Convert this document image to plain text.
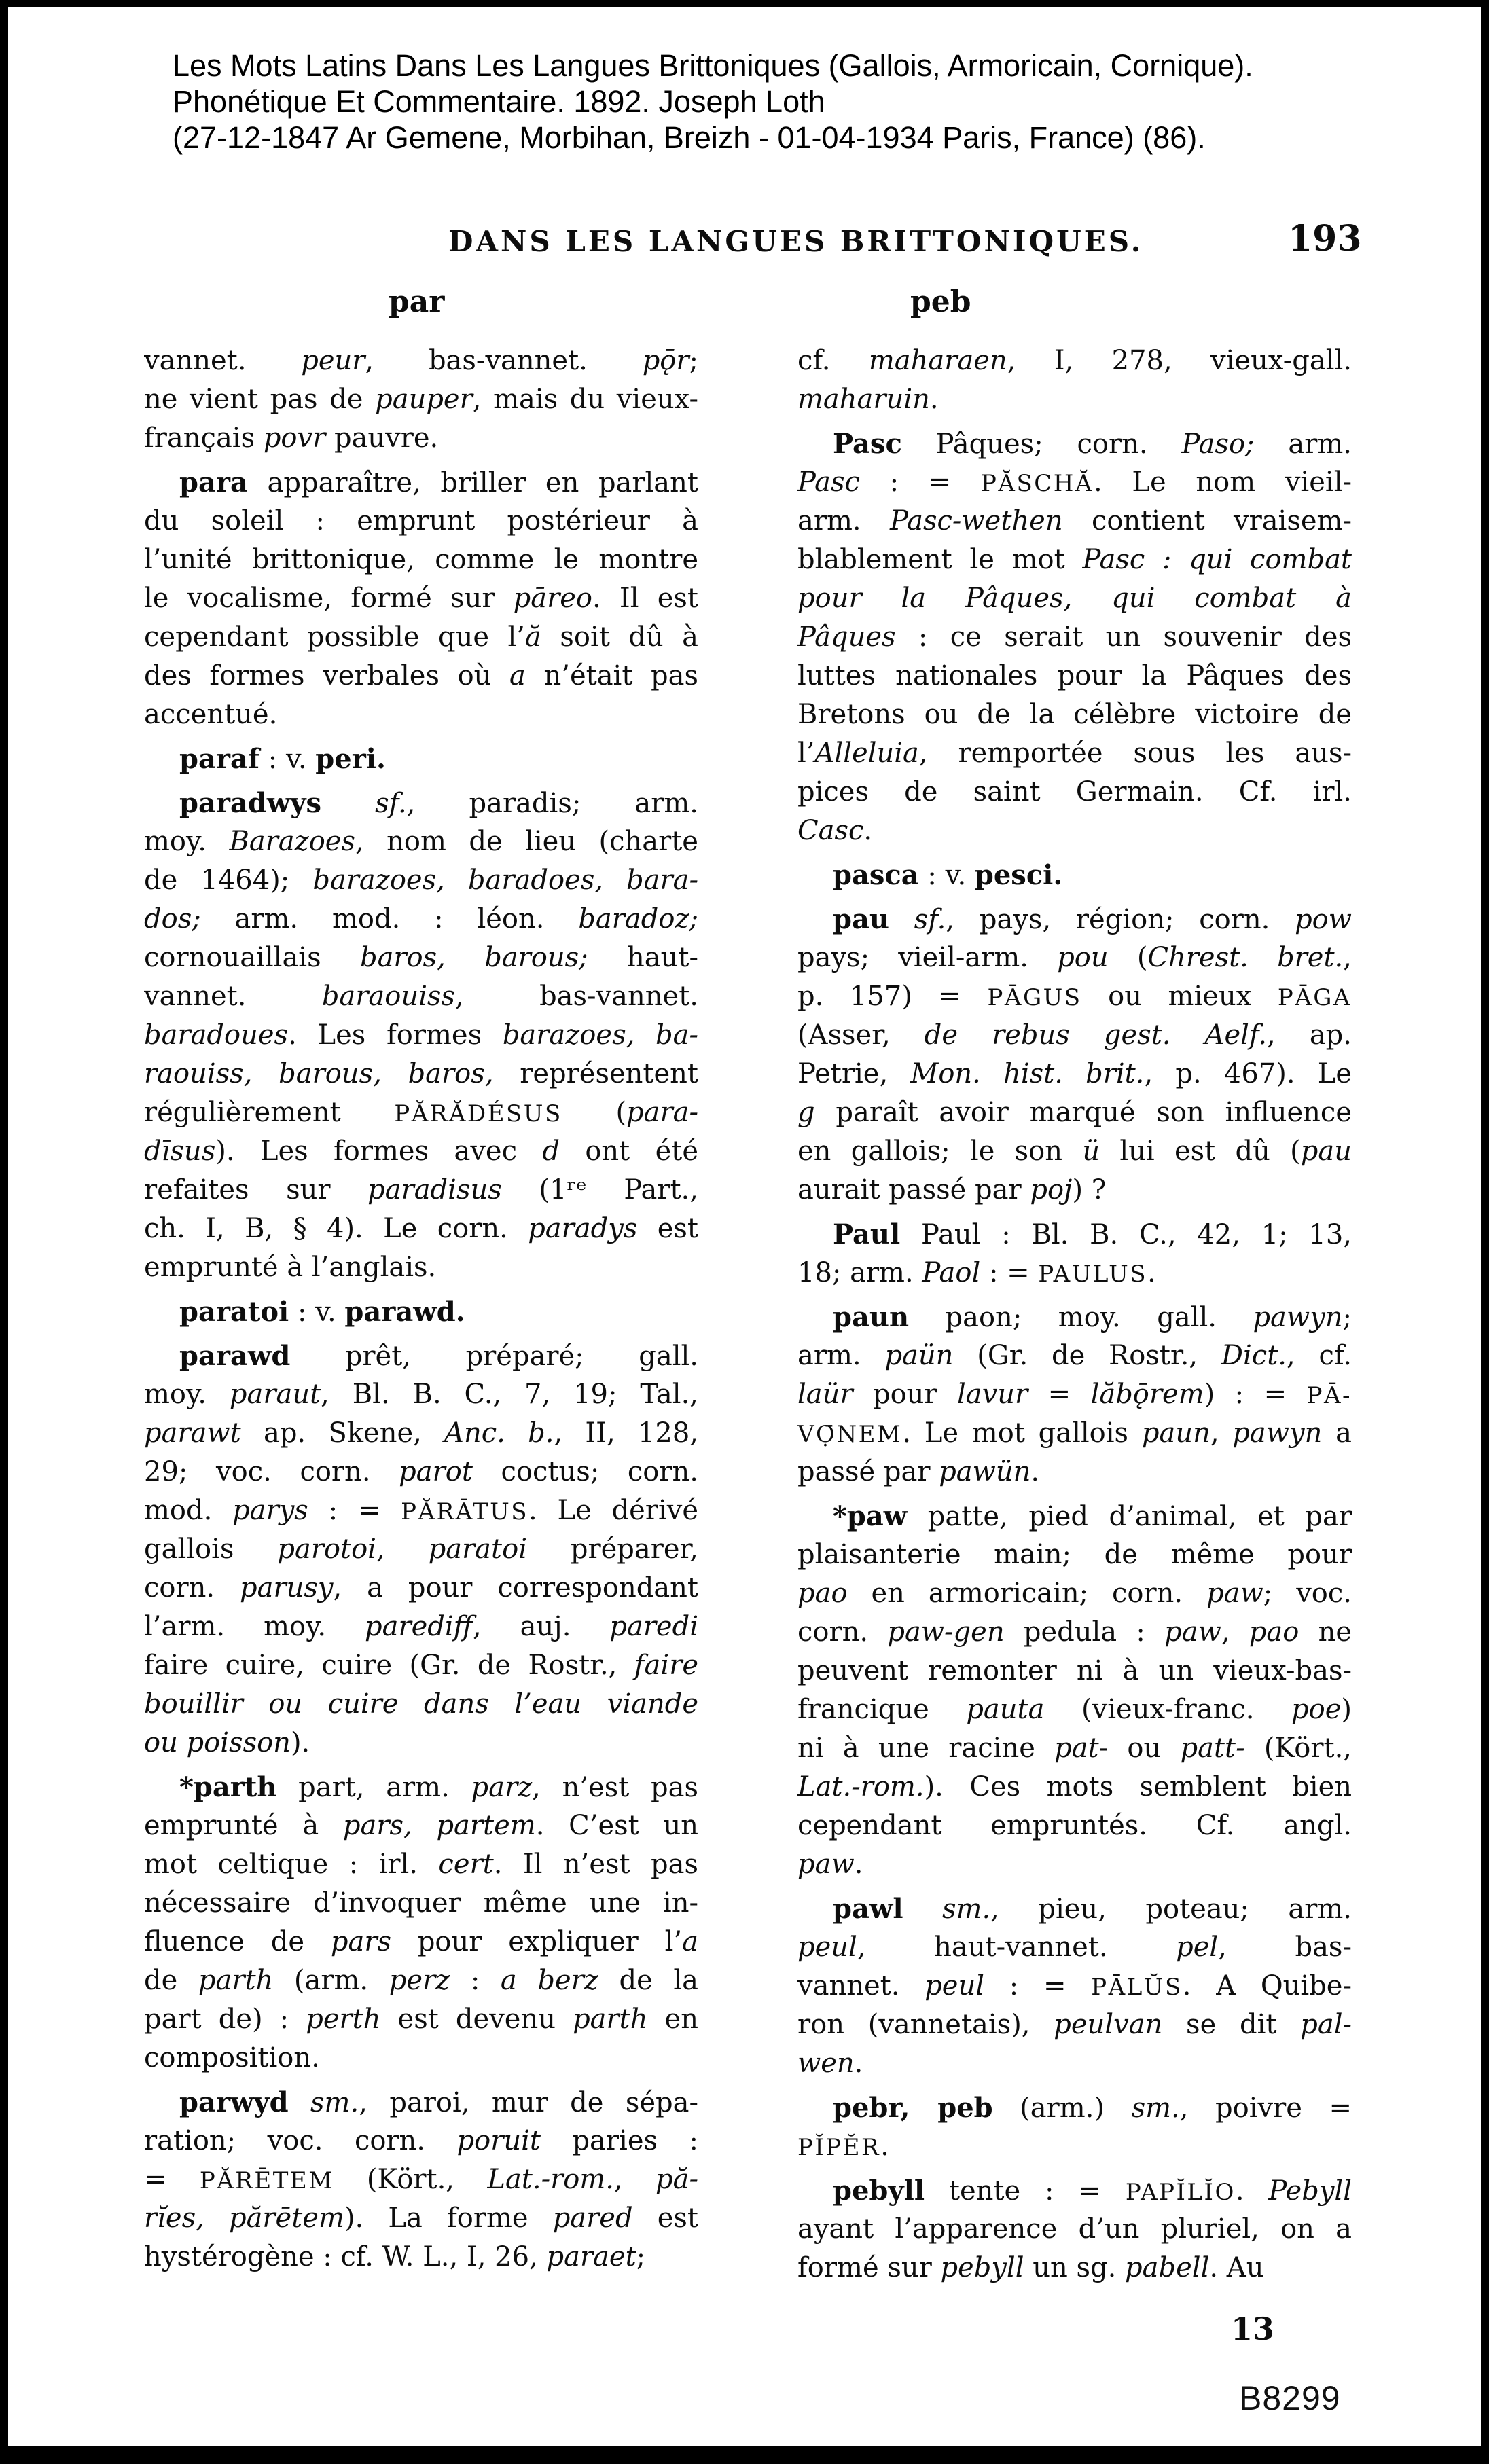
Les Mots Latins Dans Les Langues Brittoniques (Gallois, Armoricain, Cornique).
Phonétique Et Commentaire. 1892. Joseph Loth
(27-12-1847 Ar Gemene, Morbihan, Breizh - 01-04-1934 Paris, France) (86).
DANS LES LANGUES BRITTONIQUES.	193
par	peb
vannet. peur, bas-vannet. pǭr;
ne vient pas de pauper, mais du vieux-
français povr pauvre.
para apparaître, briller en parlant
du soleil : emprunt postérieur à
l’unité brittonique, comme le montre
le vocalisme, formé sur pāreo. Il est
cependant possible que l’ă soit dû à
des formes verbales où a n’était pas
accentué.
paraf : v. peri.
paradwys sf., paradis; arm.
moy. Barazoes, nom de lieu (charte
de 1464); barazoes, baradoes, bara-
dos; arm. mod. : léon. baradoz;
cornouaillais baros, barous; haut-
vannet. baraouiss, bas-vannet.
baradoues. Les formes barazoes, ba-
raouiss, barous, baros, représentent
régulièrement PĂRĂDÉSUS (para-
dīsus). Les formes avec d ont été
refaites sur paradisus (1ʳᵉ Part.,
ch. I, B, § 4). Le corn. paradys est
emprunté à l’anglais.
paratoi : v. parawd.
parawd prêt, préparé; gall.
moy. paraut, Bl. B. C., 7, 19; Tal.,
parawt ap. Skene, Anc. b., II, 128,
29; voc. corn. parot coctus; corn.
mod. parys : = PĂRĀTUS. Le dérivé
gallois parotoi, paratoi préparer,
corn. parusy, a pour correspondant
l’arm. moy. parediff, auj. paredi
faire cuire, cuire (Gr. de Rostr., faire
bouillir ou cuire dans l’eau viande
ou poisson).
*parth part, arm. parz, n’est pas
emprunté à pars, partem. C’est un
mot celtique : irl. cert. Il n’est pas
nécessaire d’invoquer même une in-
fluence de pars pour expliquer l’a
de parth (arm. perz : a berz de la
part de) : perth est devenu parth en
composition.
parwyd sm., paroi, mur de sépa-
ration; voc. corn. poruit paries :
= PĂRĒTEM (Kört., Lat.-rom., pă-
rĭes, părētem). La forme pared est
hystérogène : cf. W. L., I, 26, paraet;
cf. maharaen, I, 278, vieux-gall.
maharuin.
Pasc Pâques; corn. Paso; arm.
Pasc : = PĂSCHĂ. Le nom vieil-
arm. Pasc-wethen contient vraisem-
blablement le mot Pasc : qui combat
pour la Pâques, qui combat à
Pâques : ce serait un souvenir des
luttes nationales pour la Pâques des
Bretons ou de la célèbre victoire de
l’Alleluia, remportée sous les aus-
pices de saint Germain. Cf. irl.
Casc.
pasca : v. pesci.
pau sf., pays, région; corn. pow
pays; vieil-arm. pou (Chrest. bret.,
p. 157) = PĀGUS ou mieux PĀGA
(Asser, de rebus gest. Aelf., ap.
Petrie, Mon. hist. brit., p. 467). Le
g paraît avoir marqué son influence
en gallois; le son ü lui est dû (pau
aurait passé par poj) ?
Paul Paul : Bl. B. C., 42, 1; 13,
18; arm. Paol : = PAULUS.
paun paon; moy. gall. pawyn;
arm. paün (Gr. de Rostr., Dict., cf.
laür pour lavur = lăbǭrem) : = PĀ-
VỌ̄NEM. Le mot gallois paun, pawyn a
passé par pawün.
*paw patte, pied d’animal, et par
plaisanterie main; de même pour
pao en armoricain; corn. paw; voc.
corn. paw-gen pedula : paw, pao ne
peuvent remonter ni à un vieux-bas-
francique pauta (vieux-franc. poe)
ni à une racine pat- ou patt- (Kört.,
Lat.-rom.). Ces mots semblent bien
cependant empruntés. Cf. angl.
paw.
pawl sm., pieu, poteau; arm.
peul, haut-vannet. pel, bas-
vannet. peul : = PĀLŬS. A Quibe-
ron (vannetais), peulvan se dit pal-
wen.
pebr, peb (arm.) sm., poivre =
PĬPĔR.
pebyll tente : = PAPĬLĬO. Pebyll
ayant l’apparence d’un pluriel, on a
formé sur pebyll un sg. pabell. Au
13
B8299
